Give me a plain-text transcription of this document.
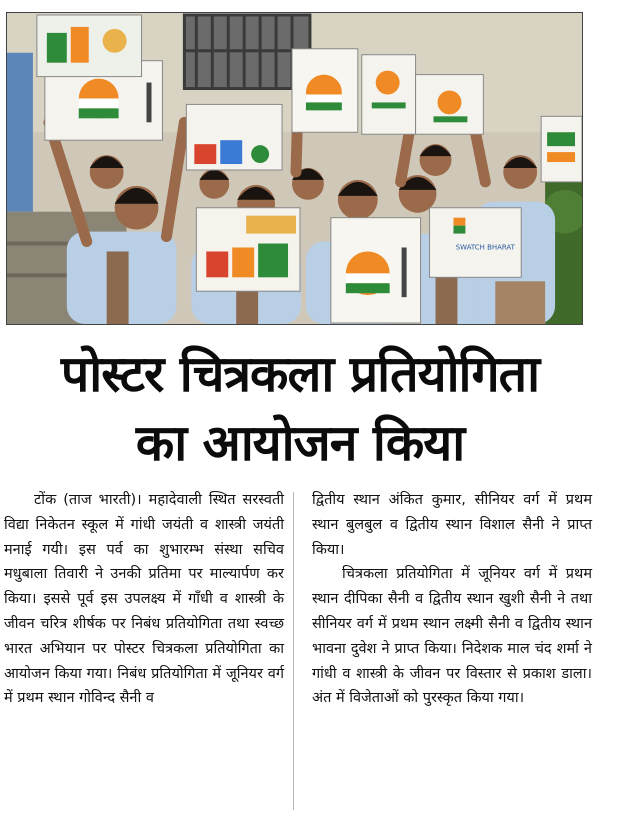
SWATCH BHARAT
पोस्टर चित्रकला प्रतियोगिता
का आयोजन किया

टोंक (ताज भारती)। महादेवाली स्थित सरस्वती विद्या निकेतन स्कूल में गांधी जयंती व शास्त्री जयंती मनाई गयी। इस पर्व का शुभारम्भ संस्था सचिव मधुबाला तिवारी ने उनकी प्रतिमा पर माल्यार्पण कर किया। इससे पूर्व इस उपलक्ष्य में गाँधी व शास्त्री के जीवन चरित्र शीर्षक पर निबंध प्रतियोगिता तथा स्वच्छ भारत अभियान पर पोस्टर चित्रकला प्रतियोगिता का आयोजन किया गया। निबंध प्रतियोगिता में जूनियर वर्ग में प्रथम स्थान गोविन्द सैनी व

द्वितीय स्थान अंकित कुमार, सीनियर वर्ग में प्रथम स्थान बुलबुल व द्वितीय स्थान विशाल सैनी ने प्राप्त किया।

चित्रकला प्रतियोगिता में जूनियर वर्ग में प्रथम स्थान दीपिका सैनी व द्वितीय स्थान खुशी सैनी ने तथा सीनियर वर्ग में प्रथम स्थान लक्ष्मी सैनी व द्वितीय स्थान भावना दुवेश ने प्राप्त किया। निदेशक माल चंद शर्मा ने गांधी व शास्त्री के जीवन पर विस्तार से प्रकाश डाला। अंत में विजेताओं को पुरस्कृत किया गया।
